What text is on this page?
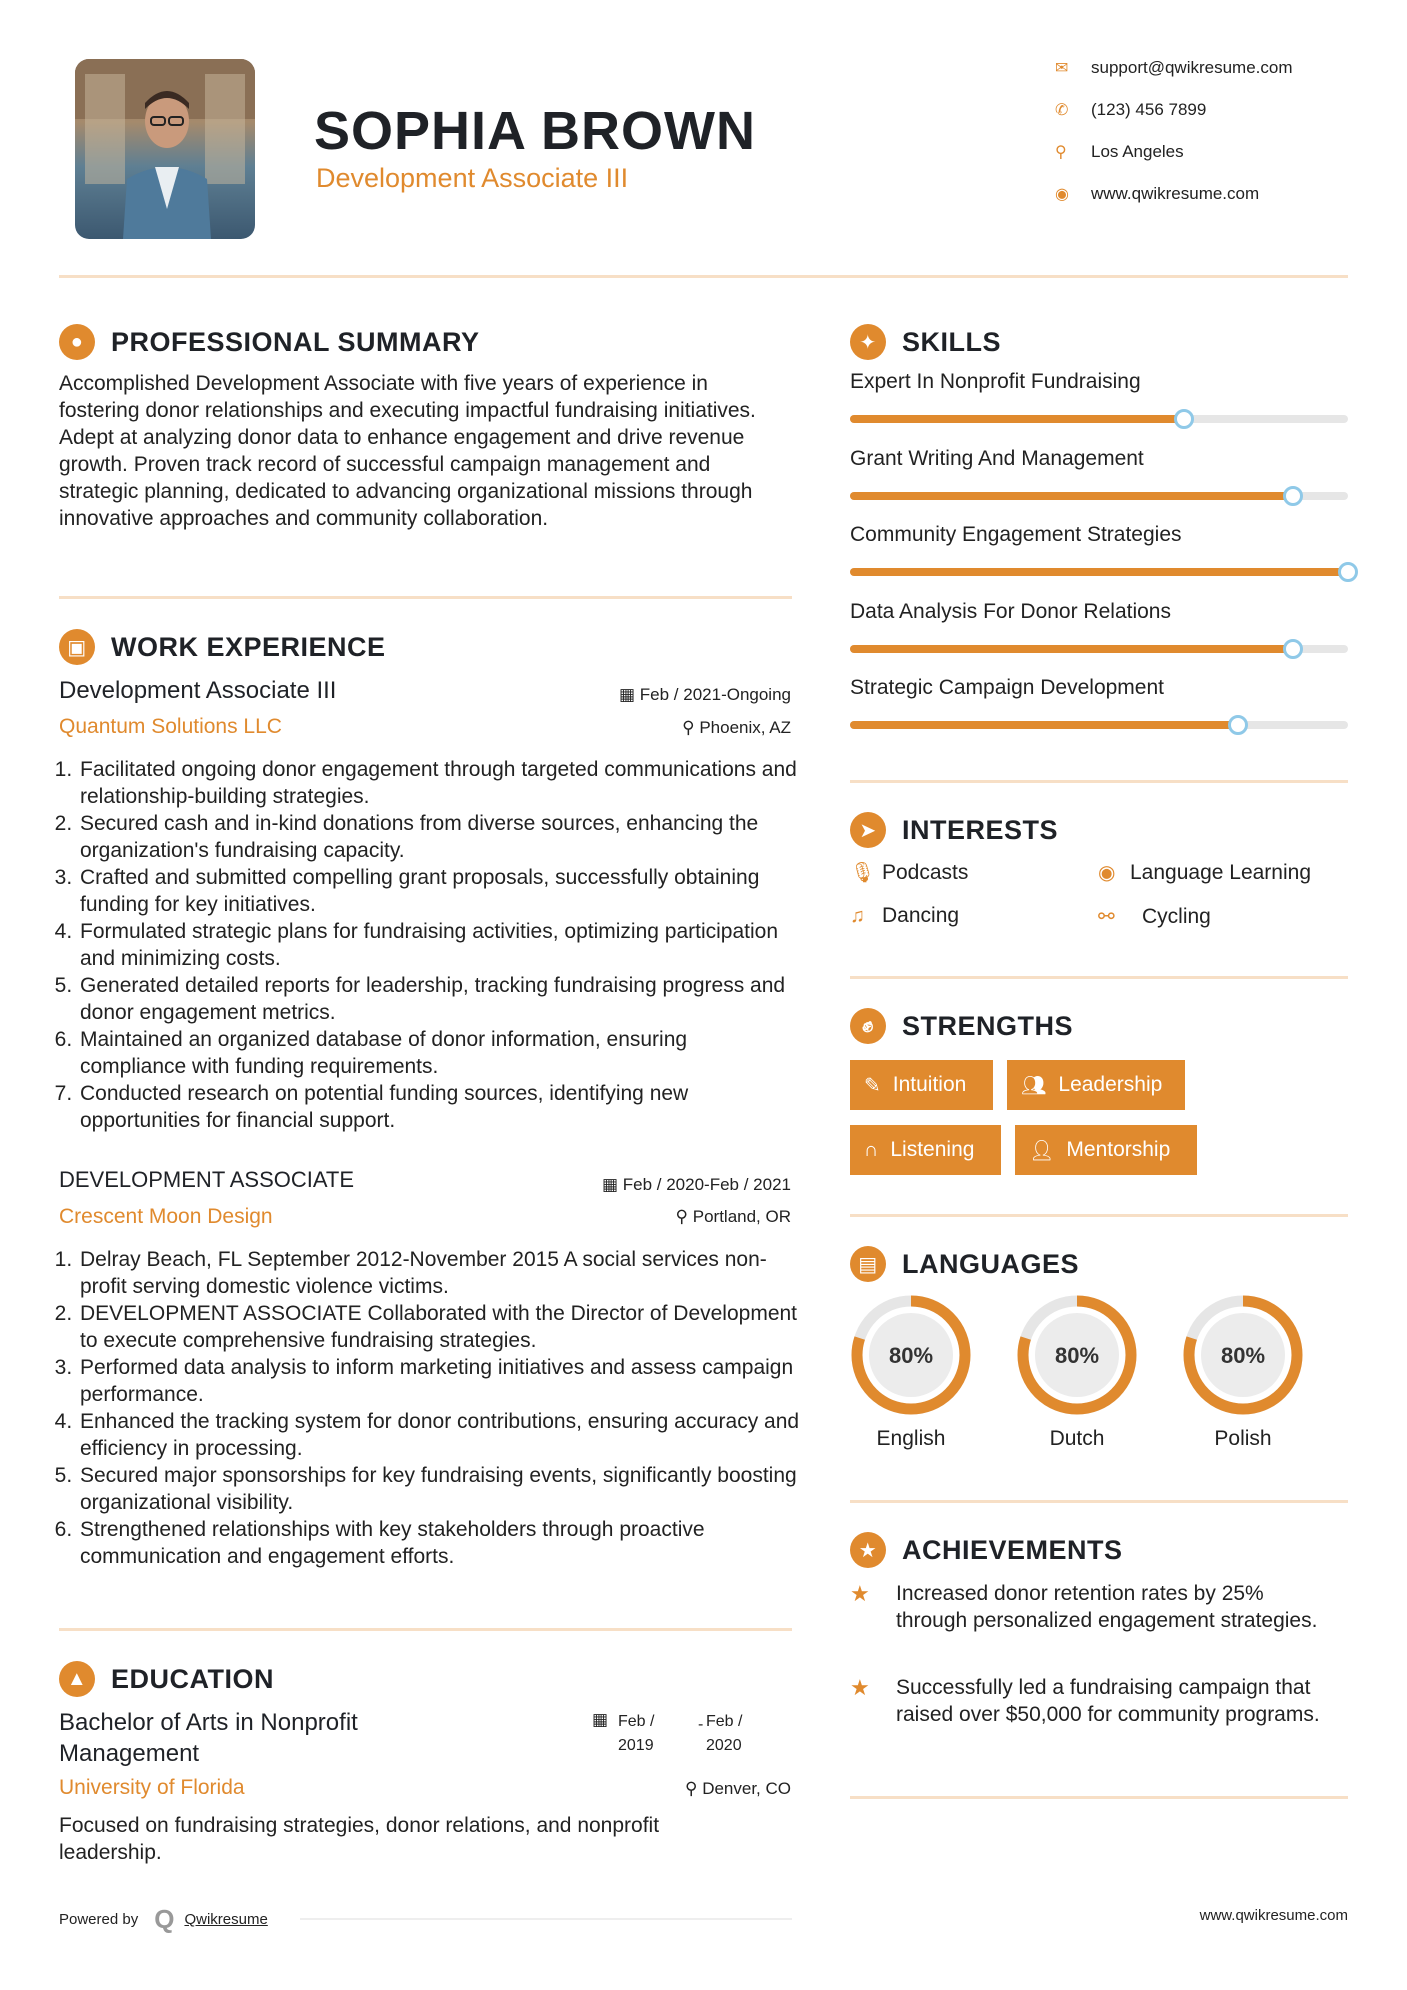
SOPHIA BROWN
Development Associate III
✉	support@qwikresume.com
✆	(123) 456 7899
⚲	Los Angeles
◉	www.qwikresume.com
●	PROFESSIONAL SUMMARY
Accomplished Development Associate with five years of experience in fostering donor relationships and executing impactful fundraising initiatives. Adept at analyzing donor data to enhance engagement and drive revenue growth. Proven track record of successful campaign management and strategic planning, dedicated to advancing organizational missions through innovative approaches and community collaboration.
▣ WORK EXPERIENCE
Development Associate III	▦ Feb / 2021-Ongoing
Quantum Solutions LLC	⚲ Phoenix, AZ
1. Facilitated ongoing donor engagement through targeted communications and relationship-building strategies.
2. Secured cash and in-kind donations from diverse sources, enhancing the organization's fundraising capacity.
3. Crafted and submitted compelling grant proposals, successfully obtaining funding for key initiatives.
4. Formulated strategic plans for fundraising activities, optimizing participation and minimizing costs.
5. Generated detailed reports for leadership, tracking fundraising progress and donor engagement metrics.
6. Maintained an organized database of donor information, ensuring compliance with funding requirements.
7. Conducted research on potential funding sources, identifying new opportunities for financial support.
DEVELOPMENT ASSOCIATE	▦ Feb / 2020-Feb / 2021
Crescent Moon Design	⚲ Portland, OR
1. Delray Beach, FL September 2012-November 2015 A social services non-profit serving domestic violence victims.
2. DEVELOPMENT ASSOCIATE Collaborated with the Director of Development to execute comprehensive fundraising strategies.
3. Performed data analysis to inform marketing initiatives and assess campaign performance.
4. Enhanced the tracking system for donor contributions, ensuring accuracy and efficiency in processing.
5. Secured major sponsorships for key fundraising events, significantly boosting organizational visibility.
6. Strengthened relationships with key stakeholders through proactive communication and engagement efforts.
▲ EDUCATION
Bachelor of Arts in Nonprofit Management
▦ Feb / 2019
- Feb / 2020
University of Florida	⚲ Denver, CO
Focused on fundraising strategies, donor relations, and nonprofit leadership.
Powered by Q Qwikresume
✦ SKILLS
Expert In Nonprofit Fundraising
Grant Writing And Management
Community Engagement Strategies
Data Analysis For Donor Relations
Strategic Campaign Development
➤ INTERESTS
🎙︎ Podcasts	◉ Language Learning
♫ Dancing	⚯	Cycling
✊︎	STRENGTHS
✎ Intuition	👥︎ Leadership
∩ Listening	👤︎ Mentorship
▤ LANGUAGES
80%
English
80%
Dutch
80%
Polish
★ ACHIEVEMENTS
★	Increased donor retention rates by 25% through personalized engagement strategies.
★	Successfully led a fundraising campaign that raised over $50,000 for community programs.
www.qwikresume.com
